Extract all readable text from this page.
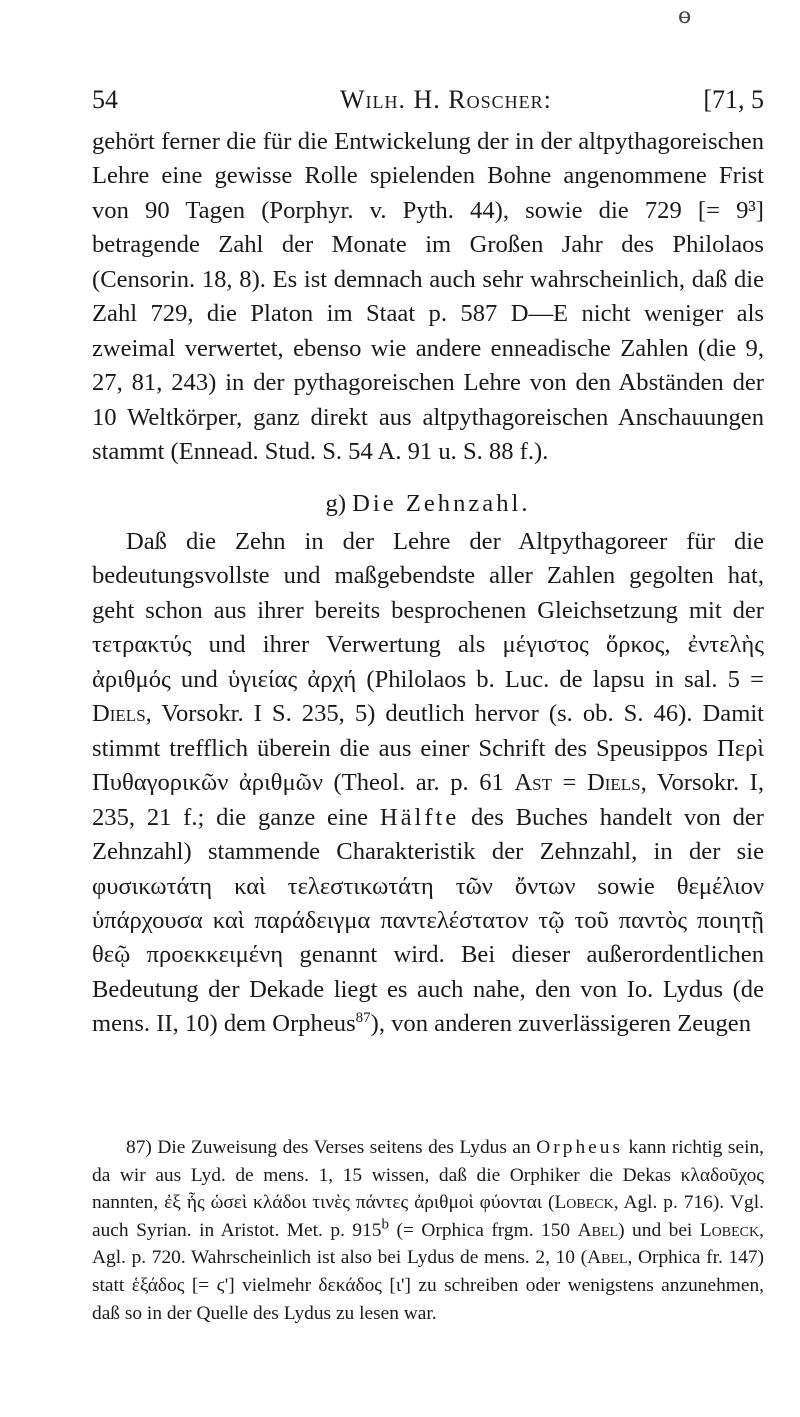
ɵ
54	Wilh. H. Roscher:	[71, 5

gehört ferner die für die Entwickelung der in der altpythagoreischen Lehre eine gewisse Rolle spielenden Bohne angenommene Frist von 90 Tagen (Porphyr. v. Pyth. 44), sowie die 729 [= 9³] betragende Zahl der Monate im Großen Jahr des Philolaos (Censorin. 18, 8). Es ist demnach auch sehr wahrscheinlich, daß die Zahl 729, die Platon im Staat p. 587 D—E nicht weniger als zweimal verwertet, ebenso wie andere enneadische Zahlen (die 9, 27, 81, 243) in der pythagoreischen Lehre von den Abständen der 10 Weltkörper, ganz direkt aus altpythagoreischen Anschauungen stammt (Ennead. Stud. S. 54 A. 91 u. S. 88 f.).

g) Die Zehnzahl.

Daß die Zehn in der Lehre der Altpythagoreer für die bedeutungsvollste und maßgebendste aller Zahlen gegolten hat, geht schon aus ihrer bereits besprochenen Gleichsetzung mit der τετρακτύς und ihrer Verwertung als μέγιστος ὅρκος, ἐντελὴς ἀριθμός und ὑγιείας ἀρχή (Philolaos b. Luc. de lapsu in sal. 5 = Diels, Vorsokr. I S. 235, 5) deutlich hervor (s. ob. S. 46). Damit stimmt trefflich überein die aus einer Schrift des Speusippos Περὶ Πυθαγορικῶν ἀριθμῶν (Theol. ar. p. 61 Ast = Diels, Vorsokr. I, 235, 21 f.; die ganze eine Hälfte des Buches handelt von der Zehnzahl) stammende Charakteristik der Zehnzahl, in der sie φυσικωτάτη καὶ τελεστικωτάτη τῶν ὄντων sowie θεμέλιον ὑπάρχουσα καὶ παράδειγμα παντελέστατον τῷ τοῦ παντὸς ποιητῇ θεῷ προεκκειμένη genannt wird. Bei dieser außerordentlichen Bedeutung der Dekade liegt es auch nahe, den von Io. Lydus (de mens. II, 10) dem Orpheus$^{87}$), von anderen zuverlässigeren Zeugen

87) Die Zuweisung des Verses seitens des Lydus an Orpheus kann richtig sein, da wir aus Lyd. de mens. 1, 15 wissen, daß die Orphiker die Dekas κλαδοῦχος nannten, ἐξ ἧς ὡσεὶ κλάδοι τινὲς πάντες ἀριθμοὶ φύονται (Lobeck, Agl. p. 716). Vgl. auch Syrian. in Aristot. Met. p. 915$^b$ (= Orphica frgm. 150 Abel) und bei Lobeck, Agl. p. 720. Wahrscheinlich ist also bei Lydus de mens. 2, 10 (Abel, Orphica fr. 147) statt ἑξάδος [= ϛ'] vielmehr δεκάδος [ι'] zu schreiben oder wenigstens anzunehmen, daß so in der Quelle des Lydus zu lesen war.
